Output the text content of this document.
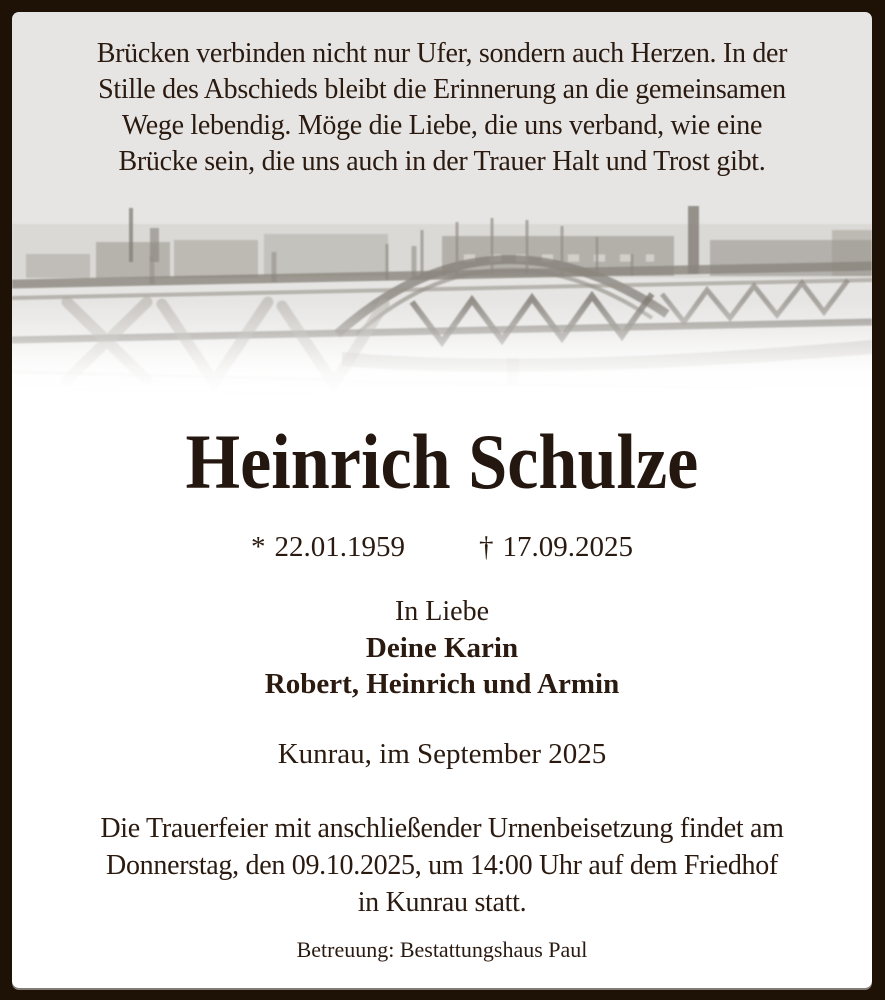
Brücken verbinden nicht nur Ufer, sondern auch Herzen. In der
Stille des Abschieds bleibt die Erinnerung an die gemeinsamen
Wege lebendig. Möge die Liebe, die uns verband, wie eine
Brücke sein, die uns auch in der Trauer Halt und Trost gibt.
Heinrich Schulze
* 22.01.1959	† 17.09.2025
In Liebe
Deine Karin
Robert, Heinrich und Armin
Kunrau, im September 2025
Die Trauerfeier mit anschließender Urnenbeisetzung findet am
Donnerstag, den 09.10.2025, um 14:00 Uhr auf dem Friedhof
in Kunrau statt.
Betreuung: Bestattungshaus Paul
